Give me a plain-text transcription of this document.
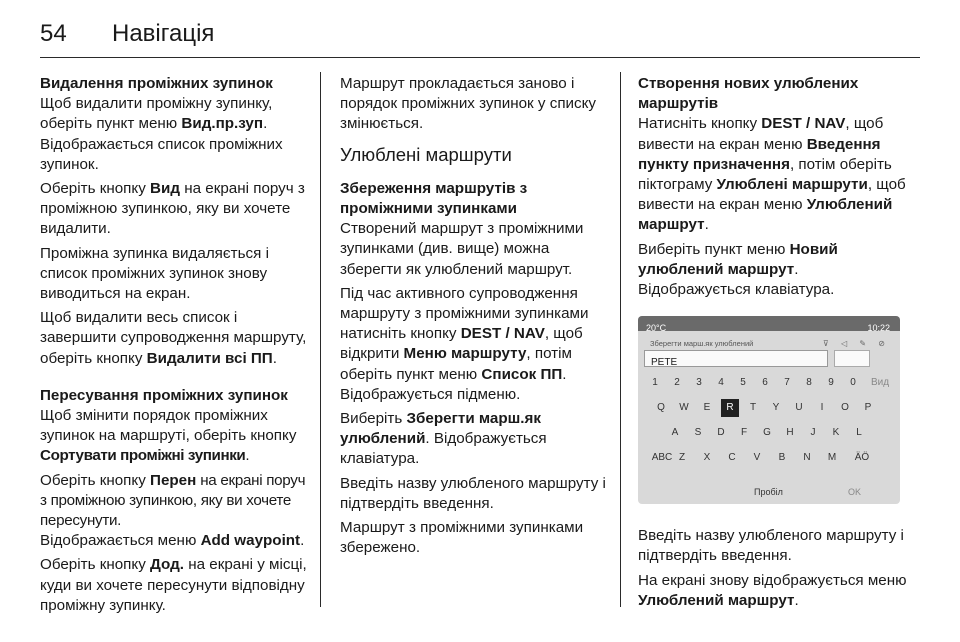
54 Навігація
Видалення проміжних зупинок

Щоб видалити проміжну зупинку, оберіть пункт меню Вид.пр.зуп. Відображається список проміжних зупинок.

Оберіть кнопку Вид на екрані поруч з проміжною зупинкою, яку ви хочете видалити.

Проміжна зупинка видаляється і список проміжних зупинок знову виводиться на екран.

Щоб видалити весь список і завершити супроводження маршруту, оберіть кнопку Видалити всі ПП.

Пересування проміжних зупинок

Щоб змінити порядок проміжних зупинок на маршруті, оберіть кнопку Сортувати проміжні зупинки.

Оберіть кнопку Перен на екрані поруч з проміжною зупинкою, яку ви хочете пересунути.
Відображається меню Add waypoint.

Оберіть кнопку Дод. на екрані у місці, куди ви хочете пересунути відповідну проміжну зупинку.

Маршрут прокладається заново і порядок проміжних зупинок у списку змінюється.

Улюблені маршрути
Збереження маршрутів з проміжними зупинками

Створений маршрут з проміжними зупинками (див. вище) можна зберегти як улюблений маршрут.

Під час активного супроводження маршруту з проміжними зупинками натисніть кнопку DEST / NAV, щоб відкрити Меню маршруту, потім оберіть пункт меню Список ПП. Відображується підменю.

Виберіть Зберегти марш.як улюблений. Відображується клавіатура.

Введіть назву улюбленого маршруту і підтвердіть введення.

Маршрут з проміжними зупинками збережено.

Створення нових улюблених маршрутів

Натисніть кнопку DEST / NAV, щоб вивести на екран меню Введення пункту призначення, потім оберіть піктограму Улюблені маршрути, щоб вивести на екран меню Улюблений маршрут.

Виберіть пункт меню Новий улюблений маршрут.
Відображується клавіатура.

20°C	10:22
Зберегти марш.як улюблений	⊽ ◁ ✎ ⊘
PETE
1	2	3	4	5	6	7	8	9	0	Вид
Q	W	E	R	T	Y	U	I	O	P
A	S	D	F	G	H	J	K	L
ABC Z	X	C	V	B	N	M	ÄÖ
Пробіл	OK

Введіть назву улюбленого маршруту і підтвердіть введення.

На екрані знову відображується меню Улюблений маршрут.
